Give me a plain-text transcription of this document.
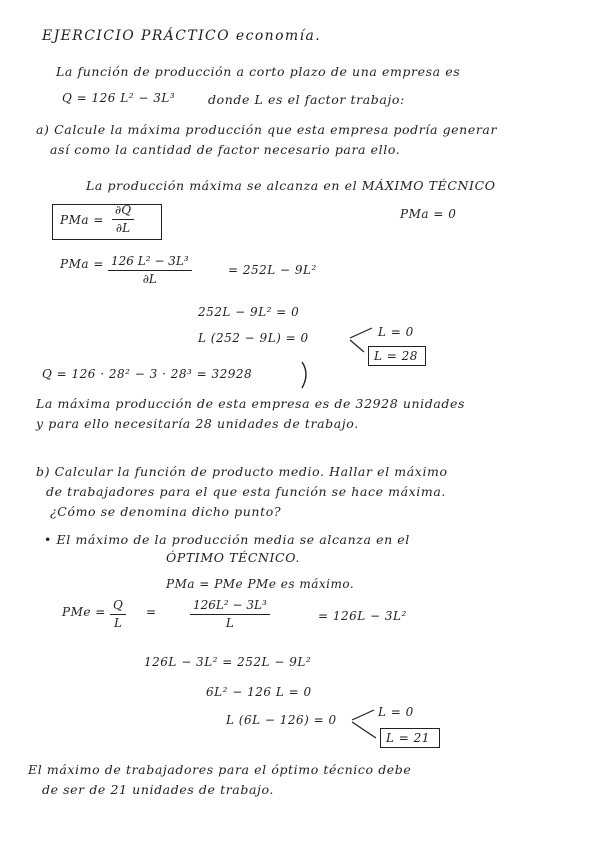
EJERCICIO PRÁCTICO economía.
La función de producción a corto plazo de una empresa es
Q = 126 L² − 3L³	donde L es el factor trabajo:
a) Calcule la máxima producción que esta empresa podría generar
así como la cantidad de factor necesario para ello.
La producción máxima se alcanza en el MÁXIMO TÉCNICO
PMa =
∂Q
∂L
PMa = 0
PMa = 126 L² − 3L³
∂L
= 252L − 9L²
252L − 9L² = 0
L (252 − 9L) = 0	L = 0
L = 28
Q = 126 · 28² − 3 · 28³ = 32928
La máxima producción de esta empresa es de 32928 unidades
y para ello necesitaría 28 unidades de trabajo.
b) Calcular la función de producto medio. Hallar el máximo
de trabajadores para el que esta función se hace máxima.
¿Cómo se denomina dicho punto?
• El máximo de la producción media se alcanza en el
ÓPTIMO TÉCNICO.
PMa = PMe PMe es máximo.
PMe = Q
L
=	126L² − 3L³
L	= 126L − 3L²
126L − 3L² = 252L − 9L²
6L² − 126 L = 0
L (6L − 126) = 0
L = 0
L = 21
El máximo de trabajadores para el óptimo técnico debe
de ser de 21 unidades de trabajo.
